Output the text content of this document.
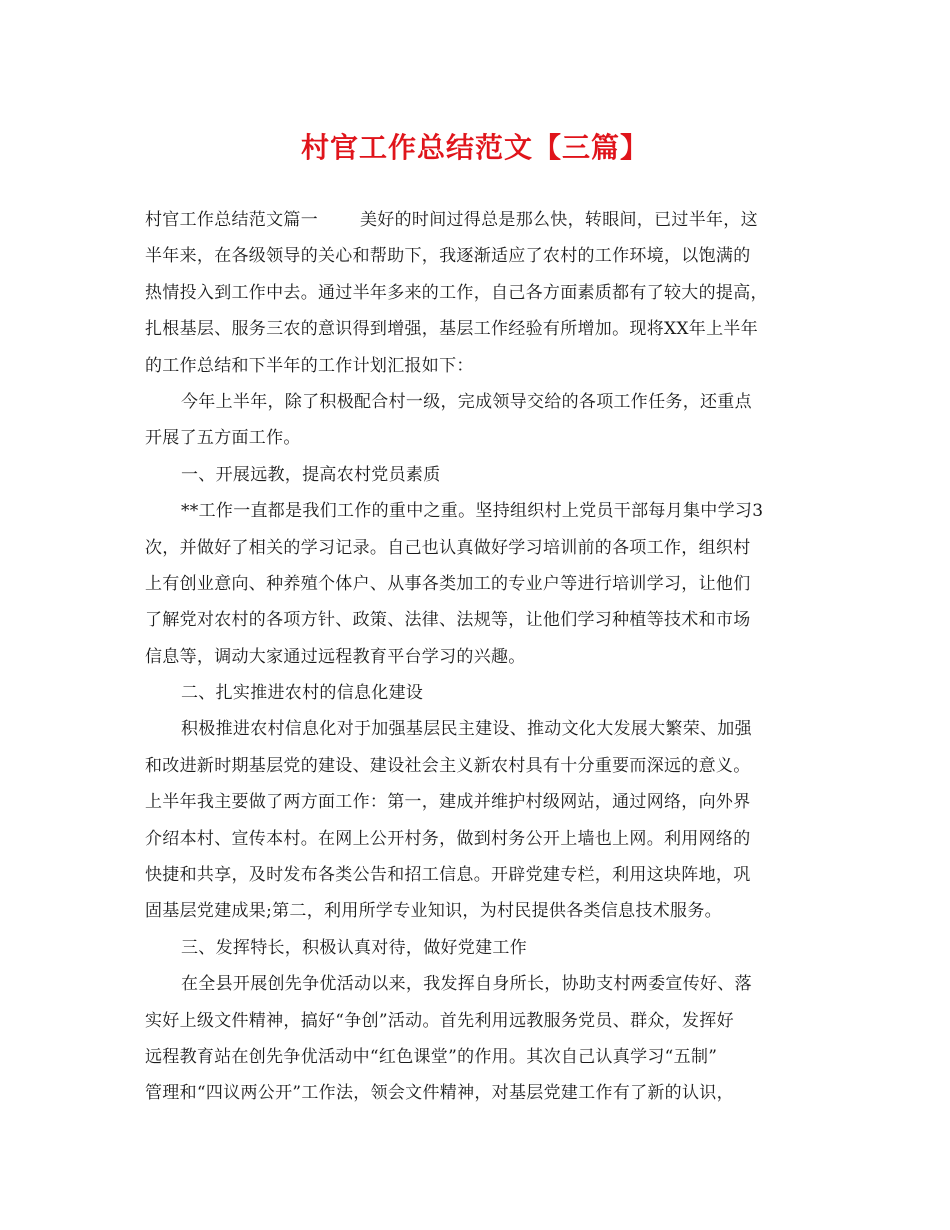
村官工作总结范文【三篇】
村官工作总结范文篇一 美好的时间过得总是那么快，转眼间，已过半年，这
半年来，在各级领导的关心和帮助下，我逐渐适应了农村的工作环境，以饱满的
热情投入到工作中去。通过半年多来的工作，自己各方面素质都有了较大的提高，
扎根基层、服务三农的意识得到增强，基层工作经验有所增加。现将XX年上半年
的工作总结和下半年的工作计划汇报如下：
今年上半年，除了积极配合村一级，完成领导交给的各项工作任务，还重点
开展了五方面工作。
一、开展远教，提高农村党员素质
**工作一直都是我们工作的重中之重。坚持组织村上党员干部每月集中学习3
次，并做好了相关的学习记录。自己也认真做好学习培训前的各项工作，组织村
上有创业意向、种养殖个体户、从事各类加工的专业户等进行培训学习，让他们
了解党对农村的各项方针、政策、法律、法规等，让他们学习种植等技术和市场
信息等，调动大家通过远程教育平台学习的兴趣。
二、扎实推进农村的信息化建设
积极推进农村信息化对于加强基层民主建设、推动文化大发展大繁荣、加强
和改进新时期基层党的建设、建设社会主义新农村具有十分重要而深远的意义。
上半年我主要做了两方面工作：第一，建成并维护村级网站，通过网络，向外界
介绍本村、宣传本村。在网上公开村务，做到村务公开上墙也上网。利用网络的
快捷和共享，及时发布各类公告和招工信息。开辟党建专栏，利用这块阵地，巩
固基层党建成果;第二，利用所学专业知识，为村民提供各类信息技术服务。
三、发挥特长，积极认真对待，做好党建工作
在全县开展创先争优活动以来，我发挥自身所长，协助支村两委宣传好、落
实好上级文件精神，搞好“争创”活动。首先利用远教服务党员、群众，发挥好
远程教育站在创先争优活动中“红色课堂”的作用。其次自己认真学习“五制”
管理和“四议两公开”工作法，领会文件精神，对基层党建工作有了新的认识，
